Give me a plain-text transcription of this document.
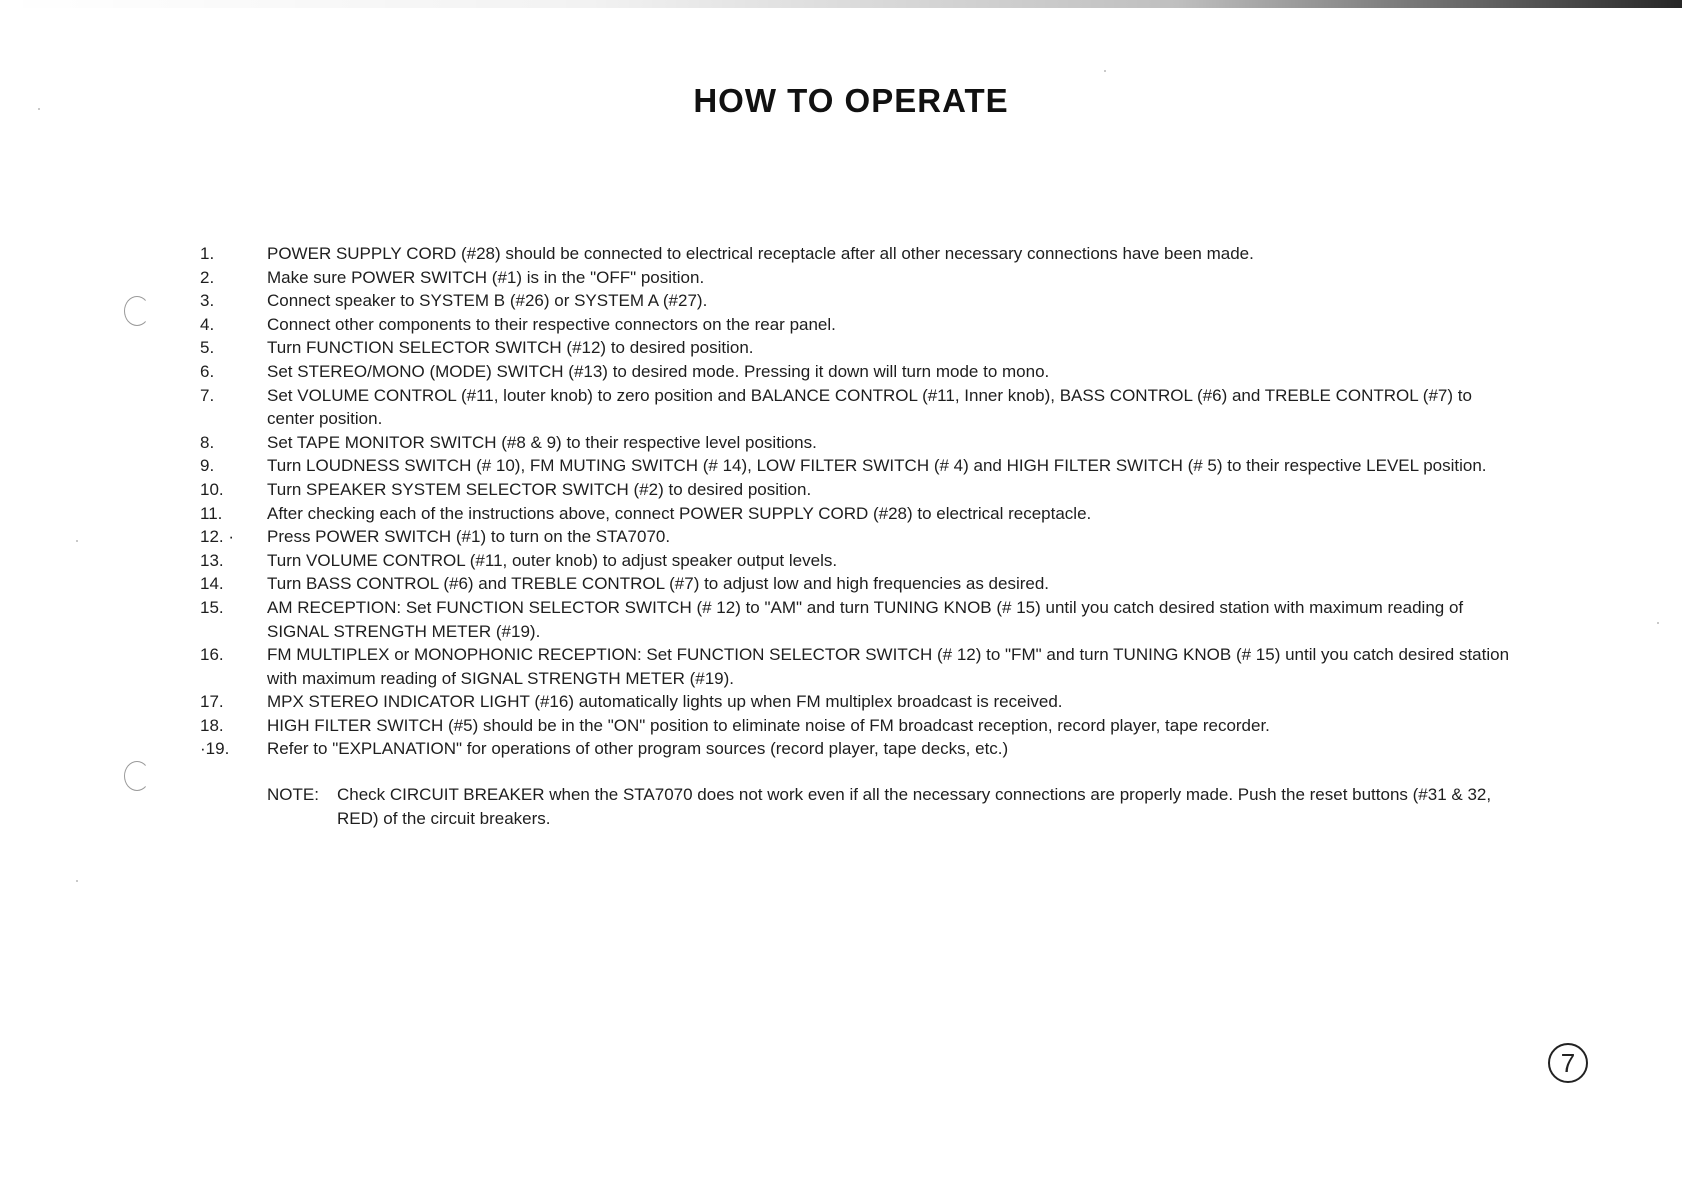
HOW TO OPERATE
1.	POWER SUPPLY CORD (#28) should be connected to electrical receptacle after all other necessary connections have been made.
2.	Make sure POWER SWITCH (#1) is in the "OFF" position.
3.	Connect speaker to SYSTEM B (#26) or SYSTEM A (#27).
4.	Connect other components to their respective connectors on the rear panel.
5.	Turn FUNCTION SELECTOR SWITCH (#12) to desired position.
6.	Set STEREO/MONO (MODE) SWITCH (#13) to desired mode. Pressing it down will turn mode to mono.
7.	Set VOLUME CONTROL (#11, louter knob) to zero position and BALANCE CONTROL (#11, Inner knob), BASS CONTROL (#6) and TREBLE CONTROL (#7) to center position.
8.	Set TAPE MONITOR SWITCH (#8 & 9) to their respective level positions.
9.	Turn LOUDNESS SWITCH (# 10), FM MUTING SWITCH (# 14), LOW FILTER SWITCH (# 4) and HIGH FILTER SWITCH (# 5) to their respective LEVEL position.
10.	Turn SPEAKER SYSTEM SELECTOR SWITCH (#2) to desired position.
11.	After checking each of the instructions above, connect POWER SUPPLY CORD (#28) to electrical receptacle.
12. ·	Press POWER SWITCH (#1) to turn on the STA7070.
13.	Turn VOLUME CONTROL (#11, outer knob) to adjust speaker output levels.
14.	Turn BASS CONTROL (#6) and TREBLE CONTROL (#7) to adjust low and high frequencies as desired.
15.	AM RECEPTION: Set FUNCTION SELECTOR SWITCH (# 12) to "AM" and turn TUNING KNOB (# 15) until you catch desired station with maximum reading of SIGNAL STRENGTH METER (#19).
16.	FM MULTIPLEX or MONOPHONIC RECEPTION: Set FUNCTION SELECTOR SWITCH (# 12) to "FM" and turn TUNING KNOB (# 15) until you catch desired station with maximum reading of SIGNAL STRENGTH METER (#19).
17.	MPX STEREO INDICATOR LIGHT (#16) automatically lights up when FM multiplex broadcast is received.
18.	HIGH FILTER SWITCH (#5) should be in the "ON" position to eliminate noise of FM broadcast reception, record player, tape recorder.
·19.	Refer to "EXPLANATION" for operations of other program sources (record player, tape decks, etc.)
NOTE: Check CIRCUIT BREAKER when the STA7070 does not work even if all the necessary connections are properly made. Push the reset buttons (#31 & 32, RED) of the circuit breakers.
7
